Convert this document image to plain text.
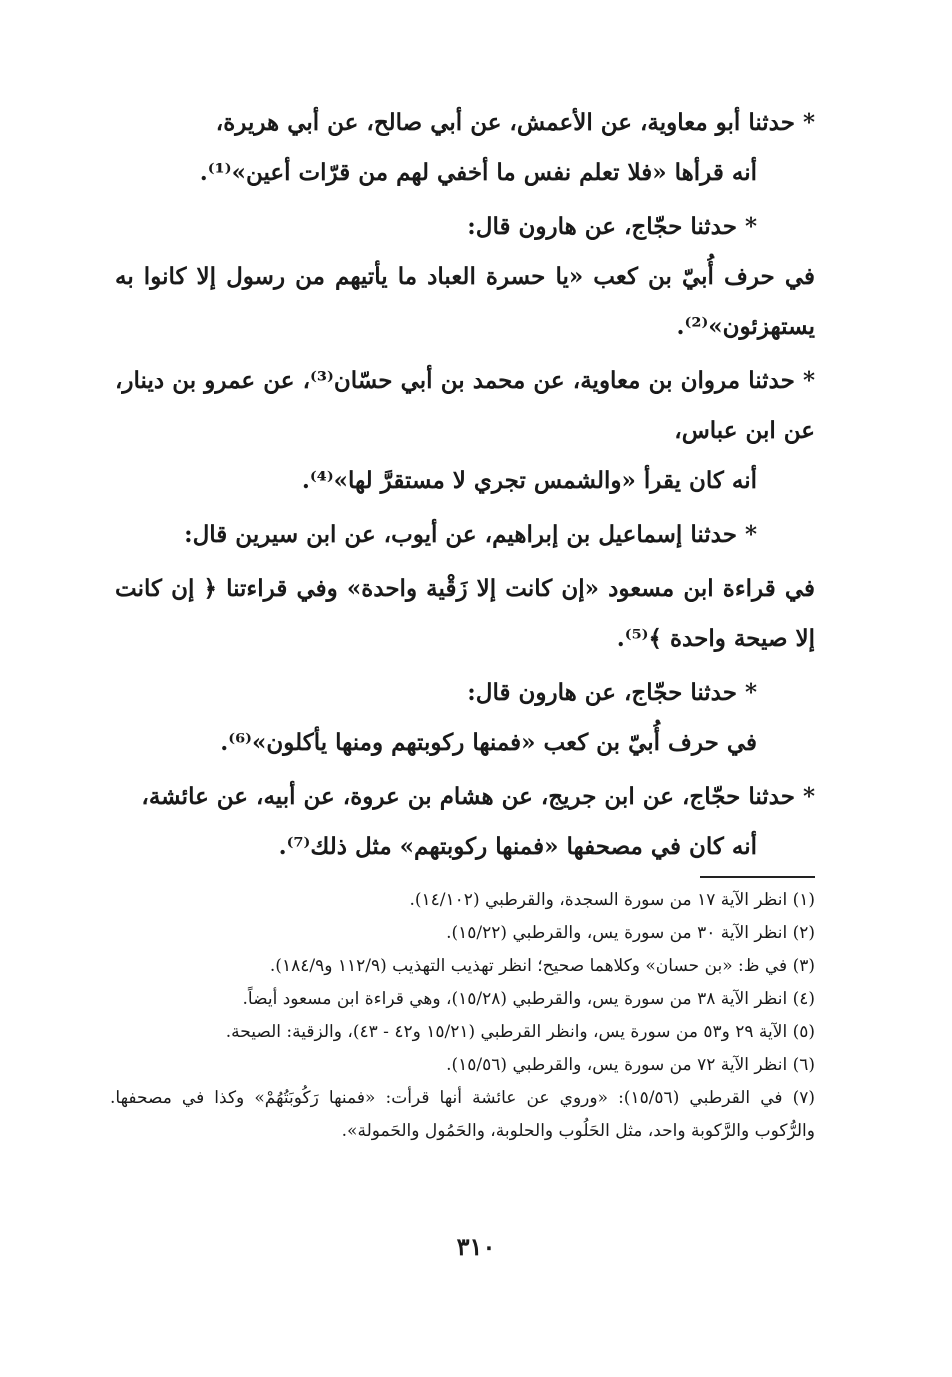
* حدثنا أبو معاوية، عن الأعمش، عن أبي صالح، عن أبي هريرة،

أنه قرأها «فلا تعلم نفس ما أخفي لهم من قرّات أعين»⁽¹⁾.

* حدثنا حجّاج، عن هارون قال:

في حرف أُبيّ بن كعب «يا حسرة العباد ما يأتيهم من رسول إلا كانوا به يستهزئون»⁽²⁾.

* حدثنا مروان بن معاوية، عن محمد بن أبي حسّان⁽³⁾، عن عمرو بن دينار، عن ابن عباس،

أنه كان يقرأ «والشمس تجري لا مستقرَّ لها»⁽⁴⁾.

* حدثنا إسماعيل بن إبراهيم، عن أيوب، عن ابن سيرين قال:

في قراءة ابن مسعود «إن كانت إلا زَقْية واحدة» وفي قراءتنا ﴿ إن كانت إلا صيحة واحدة ﴾⁽⁵⁾.

* حدثنا حجّاج، عن هارون قال:

في حرف أُبيّ بن كعب «فمنها ركوبتهم ومنها يأكلون»⁽⁶⁾.

* حدثنا حجّاج، عن ابن جريج، عن هشام بن عروة، عن أبيه، عن عائشة،

أنه كان في مصحفها «فمنها ركوبتهم» مثل ذلك⁽⁷⁾.

(١) انظر الآية ١٧ من سورة السجدة، والقرطبي (١٤/١٠٢).

(٢) انظر الآية ٣٠ من سورة يس، والقرطبي (١٥/٢٢).

(٣) في ظ: «بن حسان» وكلاهما صحيح؛ انظر تهذيب التهذيب (١١٢/٩ و١٨٤/٩).

(٤) انظر الآية ٣٨ من سورة يس، والقرطبي (١٥/٢٨)، وهي قراءة ابن مسعود أيضاً.

(٥) الآية ٢٩ و٥٣ من سورة يس، وانظر القرطبي (١٥/٢١ و٤٢ - ٤٣)، والزقية: الصيحة.

(٦) انظر الآية ٧٢ من سورة يس، والقرطبي (١٥/٥٦).

(٧) في القرطبي (١٥/٥٦): «وروي عن عائشة أنها قرأت: «فمنها رَكُوبَتُهُمْ» وكذا في مصحفها. والرُّكوب والرَّكوبة واحد، مثل الحَلُوب والحلوبة، والحَمُول والحَمولة».

٣١٠
